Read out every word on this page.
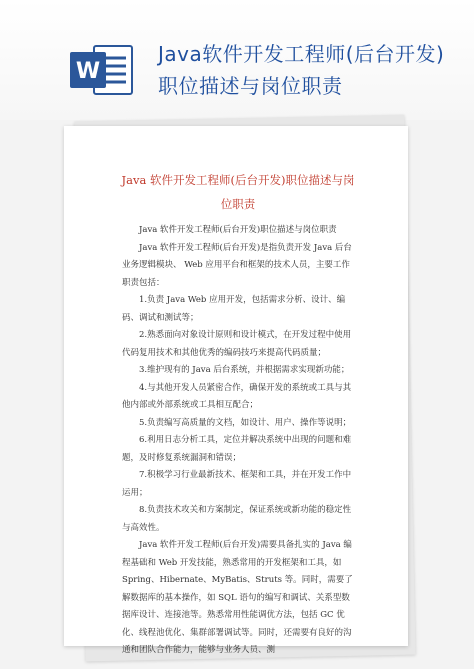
W
Java软件开发工程师(后台开发)职位描述与岗位职责
Java 软件开发工程师(后台开发)职位描述与岗位职责

Java 软件开发工程师(后台开发)职位描述与岗位职责

Java 软件开发工程师(后台开发)是指负责开发 Java 后台业务逻辑模块、 Web 应用平台和框架的技术人员，主要工作职责包括：

1.负责 Java Web 应用开发，包括需求分析、设计、编码、调试和测试等；

2.熟悉面向对象设计原则和设计模式，在开发过程中使用代码复用技术和其他优秀的编码技巧来提高代码质量；

3.维护现有的 Java 后台系统，并根据需求实现新功能；

4.与其他开发人员紧密合作，确保开发的系统或工具与其他内部或外部系统或工具相互配合；

5.负责编写高质量的文档，如设计、用户、操作等说明；

6.利用日志分析工具，定位并解决系统中出现的问题和难题，及时修复系统漏洞和错误；

7.积极学习行业最新技术、框架和工具，并在开发工作中运用；

8.负责技术攻关和方案制定，保证系统或新功能的稳定性与高效性。

Java 软件开发工程师(后台开发)需要具备扎实的 Java 编程基础和 Web 开发技能，熟悉常用的开发框架和工具，如 Spring、Hibernate、MyBatis、Struts 等。同时，需要了解数据库的基本操作，如 SQL 语句的编写和调试、关系型数据库设计、连接池等。熟悉常用性能调优方法，包括 GC 优化、线程池优化、集群部署调试等。同时，还需要有良好的沟通和团队合作能力，能够与业务人员、测
